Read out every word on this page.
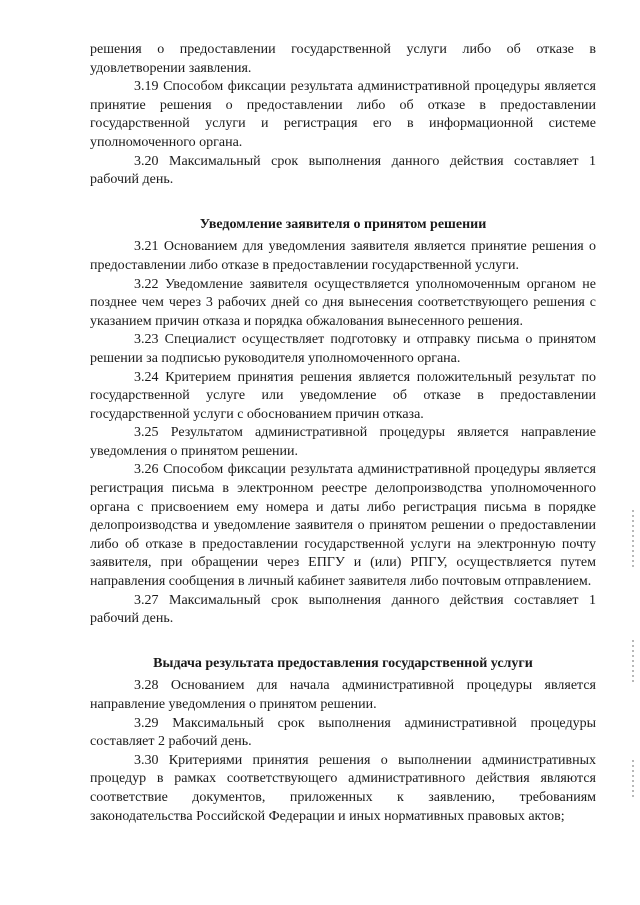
решения о предоставлении государственной услуги либо об отказе в удовлетворении заявления.

3.19 Способом фиксации результата административной процедуры является принятие решения о предоставлении либо об отказе в предоставлении государственной услуги и регистрация его в информационной системе уполномоченного органа.

3.20 Максимальный срок выполнения данного действия составляет 1 рабочий день.

Уведомление заявителя о принятом решении

3.21 Основанием для уведомления заявителя является принятие решения о предоставлении либо отказе в предоставлении государственной услуги.

3.22 Уведомление заявителя осуществляется уполномоченным органом не позднее чем через 3 рабочих дней со дня вынесения соответствующего решения с указанием причин отказа и порядка обжалования вынесенного решения.

3.23 Специалист осуществляет подготовку и отправку письма о принятом решении за подписью руководителя уполномоченного органа.

3.24 Критерием принятия решения является положительный результат по государственной услуге или уведомление об отказе в предоставлении государственной услуги с обоснованием причин отказа.

3.25 Результатом административной процедуры является направление уведомления о принятом решении.

3.26 Способом фиксации результата административной процедуры является регистрация письма в электронном реестре делопроизводства уполномоченного органа с присвоением ему номера и даты либо регистрация письма в порядке делопроизводства и уведомление заявителя о принятом решении о предоставлении либо об отказе в предоставлении государственной услуги на электронную почту заявителя, при обращении через ЕПГУ и (или) РПГУ, осуществляется путем направления сообщения в личный кабинет заявителя либо почтовым отправлением.

3.27 Максимальный срок выполнения данного действия составляет 1 рабочий день.

Выдача результата предоставления государственной услуги

3.28 Основанием для начала административной процедуры является направление уведомления о принятом решении.

3.29 Максимальный срок выполнения административной процедуры составляет 2 рабочий день.

3.30 Критериями принятия решения о выполнении административных процедур в рамках соответствующего административного действия являются соответствие документов, приложенных к заявлению, требованиям законодательства Российской Федерации и иных нормативных правовых актов;
